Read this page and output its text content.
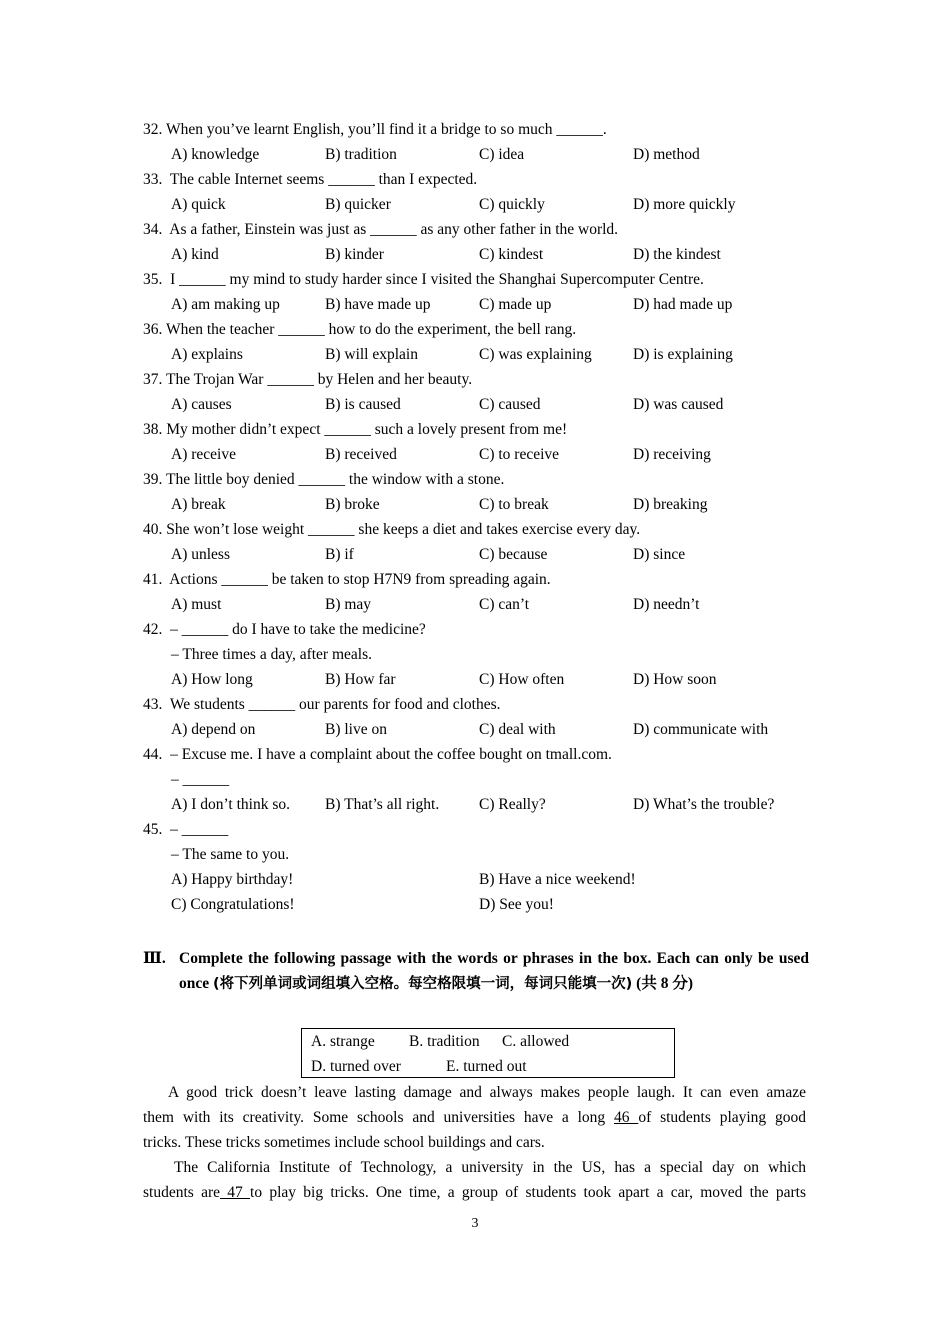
32. When you’ve learnt English, you’ll find it a bridge to so much ______.
A) knowledge	B) tradition	C) idea	D) method
33.  The cable Internet seems ______ than I expected.
A) quick	B) quicker	C) quickly	D) more quickly
34.  As a father, Einstein was just as ______ as any other father in the world.
A) kind	B) kinder	C) kindest	D) the kindest
35.  I ______ my mind to study harder since I visited the Shanghai Supercomputer Centre.
A) am making up	B) have made up	C) made up	D) had made up
36. When the teacher ______ how to do the experiment, the bell rang.
A) explains	B) will explain	C) was explaining	D) is explaining
37. The Trojan War ______ by Helen and her beauty.
A) causes	B) is caused	C) caused	D) was caused
38. My mother didn’t expect ______ such a lovely present from me!
A) receive	B) received	C) to receive	D) receiving
39. The little boy denied ______ the window with a stone.
A) break	B) broke	C) to break	D) breaking
40. She won’t lose weight ______ she keeps a diet and takes exercise every day.
A) unless	B) if	C) because	D) since
41.  Actions ______ be taken to stop H7N9 from spreading again.
A) must	B) may	C) can’t	D) needn’t
42.  – ______ do I have to take the medicine?
– Three times a day, after meals.
A) How long	B) How far	C) How often	D) How soon
43.  We students ______ our parents for food and clothes.
A) depend on	B) live on	C) deal with	D) communicate with
44.  – Excuse me. I have a complaint about the coffee bought on tmall.com.
– ______
A) I don’t think so. B) That’s all right.	C) Really?	D) What’s the trouble?
45.  – ______
– The same to you.
A) Happy birthday!	B) Have a nice weekend!
C) Congratulations!	D) See you!
Ⅲ. Complete the following passage with the words or phrases in the box. Each can only be used once (将下列单词或词组填入空格。每空格限填一词，每词只能填一次) (共 8 分)
A. strange B. tradition C. allowed
D. turned over	E. turned out
A good trick doesn’t leave lasting damage and always makes people laugh. It can even amaze
them with its creativity. Some schools and universities have a long 46 of students playing good
tricks. These tricks sometimes include school buildings and cars.
The California Institute of Technology, a university in the US, has a special day on which
students are 47 to play big tricks. One time, a group of students took apart a car, moved the parts
3
